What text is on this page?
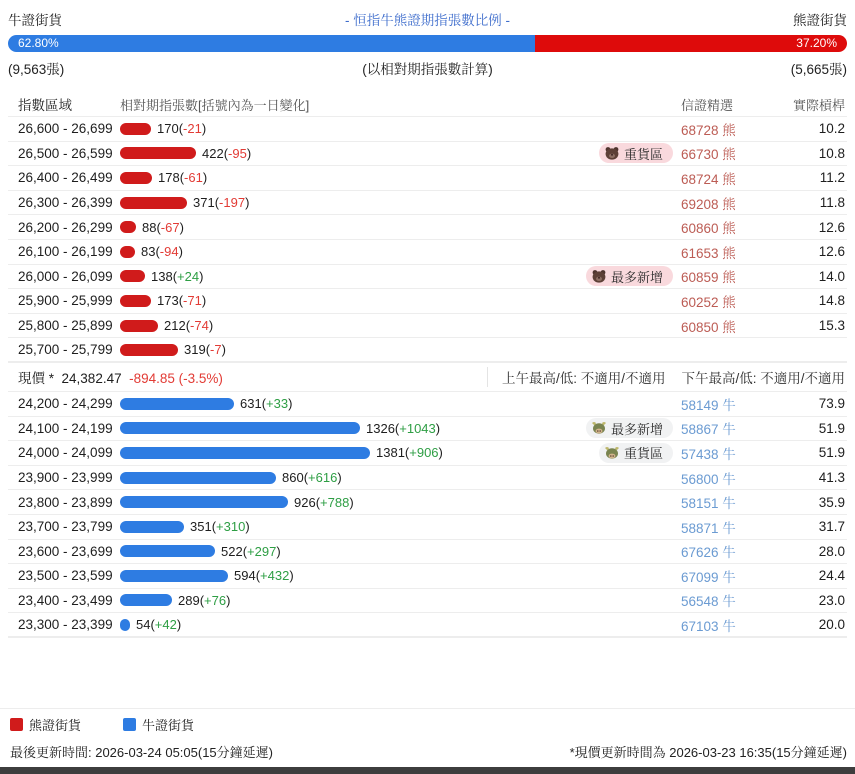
牛證街貨	- 恒指牛熊證期指張數比例 -	熊證街貨
62.80%	37.20%
(9,563張)	(以相對期指張數計算)	(5,665張)
指數區域	相對期指張數[括號內為一日變化]	信證精選	實際槓桿
26,600 - 26,699	170(-21)	68728 熊	10.2
26,500 - 26,599	422(-95)	重貨區 66730 熊	10.8
26,400 - 26,499	178(-61)	68724 熊	11.2
26,300 - 26,399	371(-197)	69208 熊	11.8
26,200 - 26,299	88(-67)	60860 熊	12.6
26,100 - 26,199	83(-94)	61653 熊	12.6
26,000 - 26,099	138(+24)	最多新增 60859 熊	14.0
25,900 - 25,999	173(-71)	60252 熊	14.8
25,800 - 25,899	212(-74)	60850 熊	15.3
25,700 - 25,799	319(-7)
現價 * 24,382.47 -894.85 (-3.5%)	上午最高/低: 不適用/不適用	下午最高/低: 不適用/不適用
24,200 - 24,299	631(+33)	58149 牛	73.9
24,100 - 24,199	1326(+1043)	最多新增 58867 牛	51.9
24,000 - 24,099	1381(+906)	重貨區 57438 牛	51.9
23,900 - 23,999	860(+616)	56800 牛	41.3
23,800 - 23,899	926(+788)	58151 牛	35.9
23,700 - 23,799	351(+310)	58871 牛	31.7
23,600 - 23,699	522(+297)	67626 牛	28.0
23,500 - 23,599	594(+432)	67099 牛	24.4
23,400 - 23,499	289(+76)	56548 牛	23.0
23,300 - 23,399	54(+42)	67103 牛	20.0
熊證街貨	牛證街貨
最後更新時間: 2026-03-24 05:05(15分鐘延遲)	*現價更新時間為 2026-03-23 16:35(15分鐘延遲)
